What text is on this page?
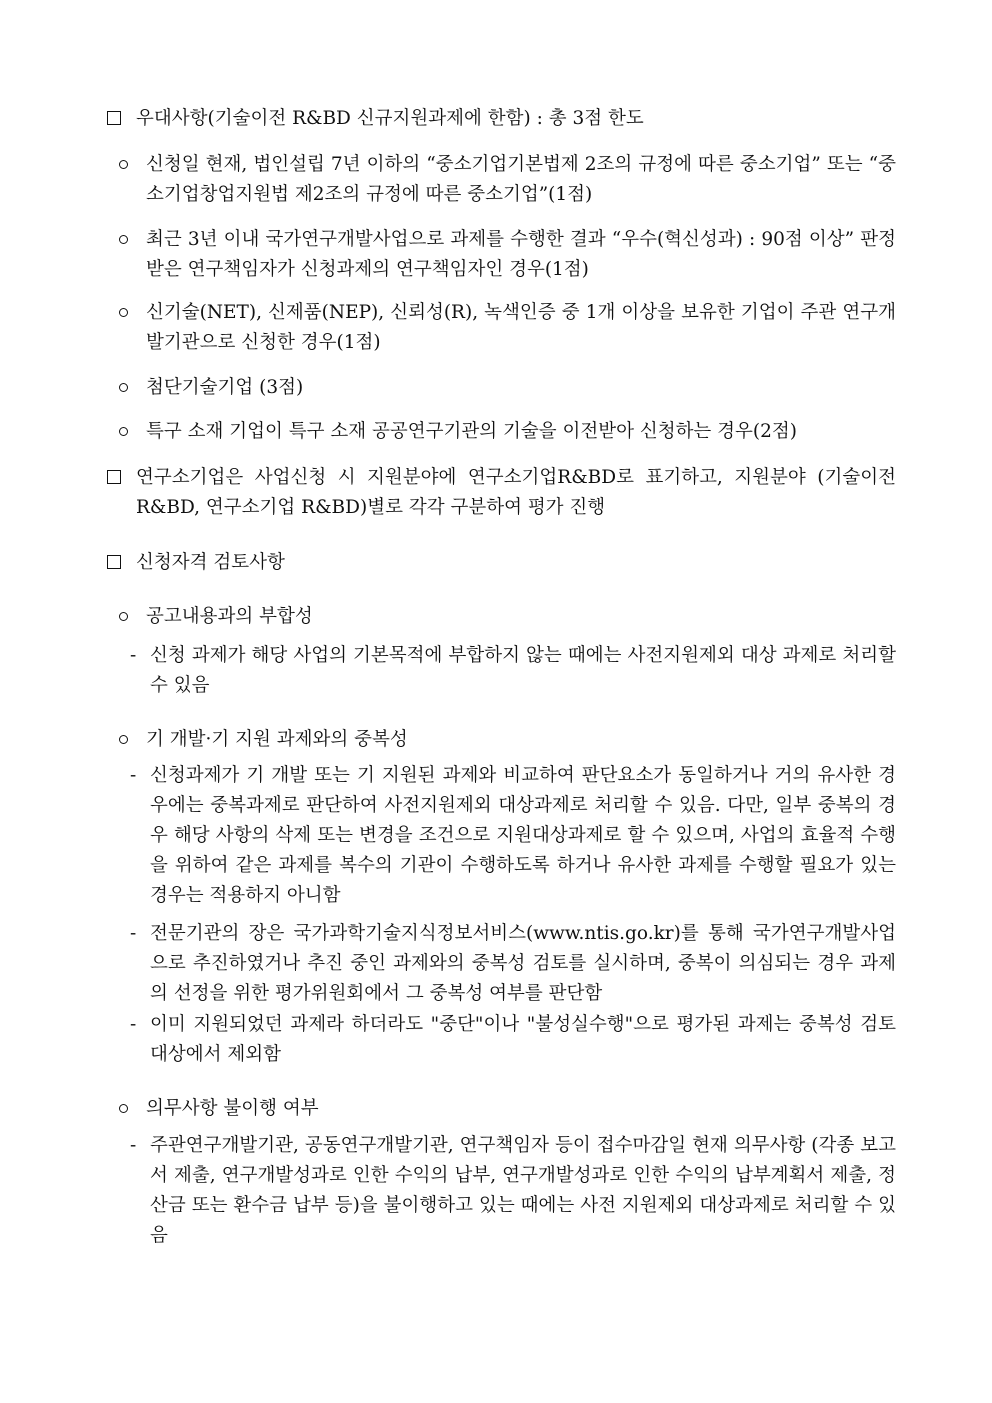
우대사항(기술이전 R&BD 신규지원과제에 한함) : 총 3점 한도
신청일 현재, 법인설립 7년 이하의 “중소기업기본법제 2조의 규정에 따른 중소기업” 또는 “중소기업창업지원법 제2조의 규정에 따른 중소기업”(1점)
최근 3년 이내 국가연구개발사업으로 과제를 수행한 결과 “우수(혁신성과) : 90점 이상” 판정 받은 연구책임자가 신청과제의 연구책임자인 경우(1점)
신기술(NET), 신제품(NEP), 신뢰성(R), 녹색인증 중 1개 이상을 보유한 기업이 주관 연구개발기관으로 신청한 경우(1점)
첨단기술기업 (3점)
특구 소재 기업이 특구 소재 공공연구기관의 기술을 이전받아 신청하는 경우(2점)
연구소기업은 사업신청 시 지원분야에 연구소기업R&BD로 표기하고, 지원분야 (기술이전R&BD, 연구소기업 R&BD)별로 각각 구분하여 평가 진행
신청자격 검토사항
공고내용과의 부합성
- 신청 과제가 해당 사업의 기본목적에 부합하지 않는 때에는 사전지원제외 대상 과제로 처리할 수 있음
기 개발·기 지원 과제와의 중복성
- 신청과제가 기 개발 또는 기 지원된 과제와 비교하여 판단요소가 동일하거나 거의 유사한 경우에는 중복과제로 판단하여 사전지원제외 대상과제로 처리할 수 있음. 다만, 일부 중복의 경우 해당 사항의 삭제 또는 변경을 조건으로 지원대상과제로 할 수 있으며, 사업의 효율적 수행을 위하여 같은 과제를 복수의 기관이 수행하도록 하거나 유사한 과제를 수행할 필요가 있는 경우는 적용하지 아니함
- 전문기관의 장은 국가과학기술지식정보서비스(www.ntis.go.kr)를 통해 국가연구개발사업으로 추진하였거나 추진 중인 과제와의 중복성 검토를 실시하며, 중복이 의심되는 경우 과제의 선정을 위한 평가위원회에서 그 중복성 여부를 판단함
- 이미 지원되었던 과제라 하더라도 "중단"이나 "불성실수행"으로 평가된 과제는 중복성 검토대상에서 제외함
의무사항 불이행 여부
- 주관연구개발기관, 공동연구개발기관, 연구책임자 등이 접수마감일 현재 의무사항 (각종 보고서 제출, 연구개발성과로 인한 수익의 납부, 연구개발성과로 인한 수익의 납부계획서 제출, 정산금 또는 환수금 납부 등)을 불이행하고 있는 때에는 사전 지원제외 대상과제로 처리할 수 있음
